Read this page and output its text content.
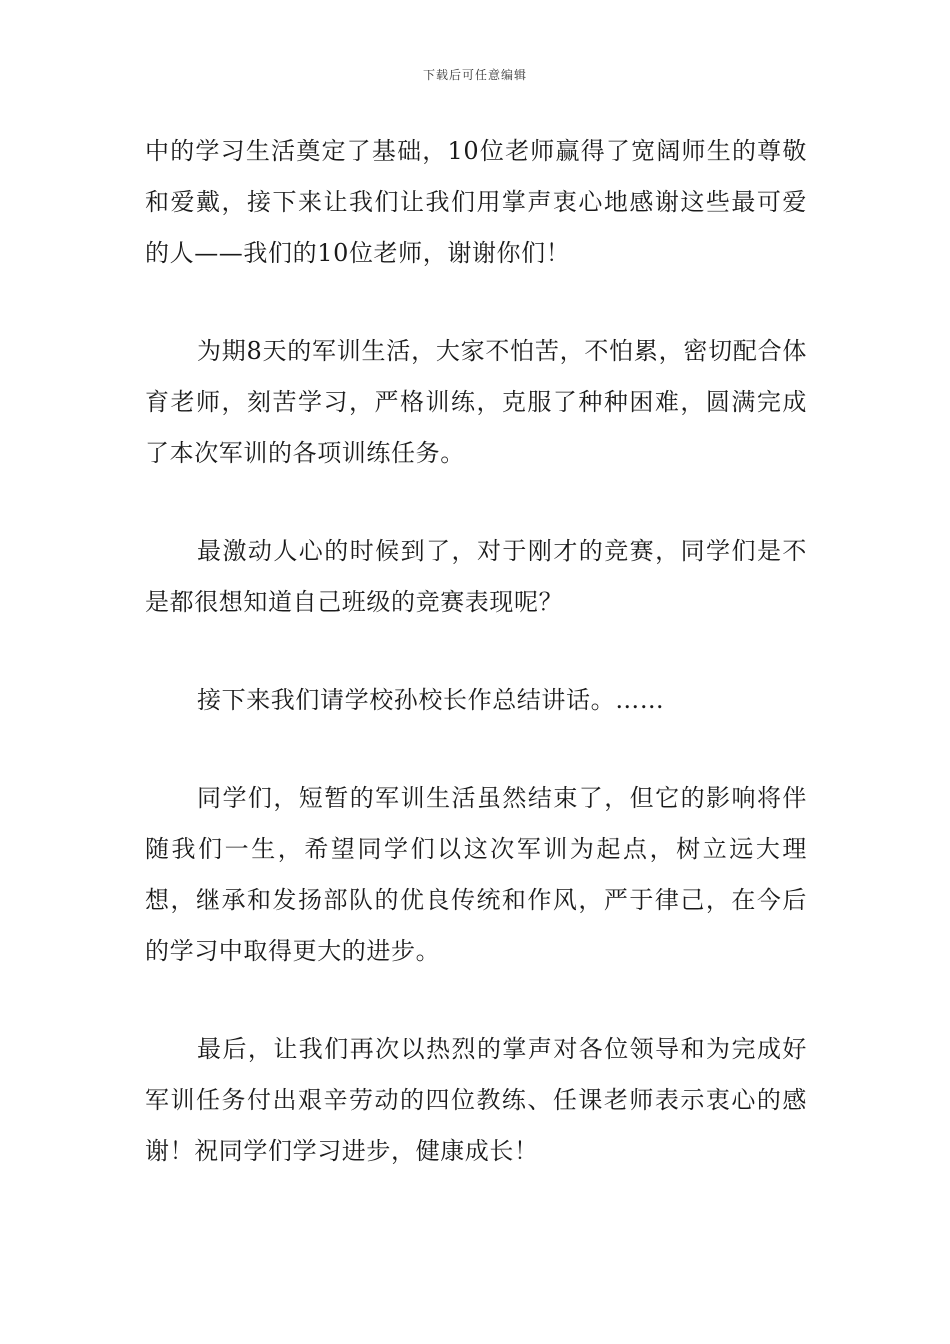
下载后可任意编辑

中的学习生活奠定了基础，10位老师赢得了宽阔师生的尊敬和爱戴，接下来让我们让我们用掌声衷心地感谢这些最可爱的人——我们的10位老师，谢谢你们！

为期8天的军训生活，大家不怕苦，不怕累，密切配合体育老师，刻苦学习，严格训练，克服了种种困难，圆满完成了本次军训的各项训练任务。

最激动人心的时候到了，对于刚才的竞赛，同学们是不是都很想知道自己班级的竞赛表现呢？

接下来我们请学校孙校长作总结讲话。……

同学们，短暂的军训生活虽然结束了，但它的影响将伴随我们一生，希望同学们以这次军训为起点，树立远大理想，继承和发扬部队的优良传统和作风，严于律己，在今后的学习中取得更大的进步。

最后，让我们再次以热烈的掌声对各位领导和为完成好军训任务付出艰辛劳动的四位教练、任课老师表示衷心的感谢！祝同学们学习进步，健康成长！
